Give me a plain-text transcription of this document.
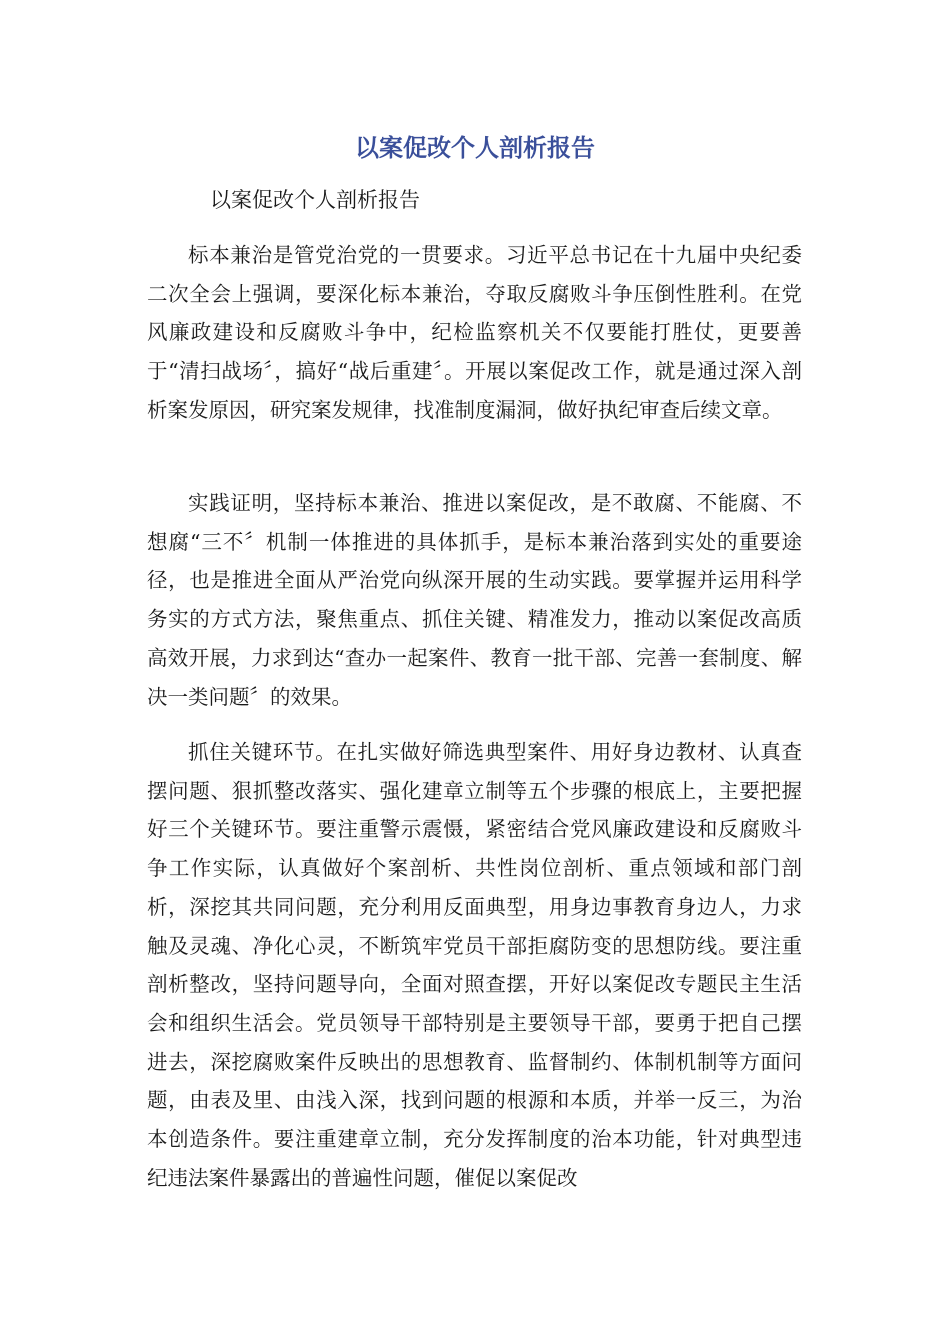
以案促改个人剖析报告

以案促改个人剖析报告

标本兼治是管党治党的一贯要求。习近平总书记在十九届中央纪委二次全会上强调，要深化标本兼治，夺取反腐败斗争压倒性胜利。在党风廉政建设和反腐败斗争中，纪检监察机关不仅要能打胜仗，更要善于“清扫战场〞，搞好“战后重建〞。开展以案促改工作，就是通过深入剖析案发原因，研究案发规律，找准制度漏洞，做好执纪审查后续文章。

实践证明，坚持标本兼治、推进以案促改，是不敢腐、不能腐、不想腐“三不〞机制一体推进的具体抓手，是标本兼治落到实处的重要途径，也是推进全面从严治党向纵深开展的生动实践。要掌握并运用科学务实的方式方法，聚焦重点、抓住关键、精准发力，推动以案促改高质高效开展，力求到达“查办一起案件、教育一批干部、完善一套制度、解决一类问题〞的效果。

抓住关键环节。在扎实做好筛选典型案件、用好身边教材、认真查摆问题、狠抓整改落实、强化建章立制等五个步骤的根底上，主要把握好三个关键环节。要注重警示震慑，紧密结合党风廉政建设和反腐败斗争工作实际，认真做好个案剖析、共性岗位剖析、重点领域和部门剖析，深挖其共同问题，充分利用反面典型，用身边事教育身边人，力求触及灵魂、净化心灵，不断筑牢党员干部拒腐防变的思想防线。要注重剖析整改，坚持问题导向，全面对照查摆，开好以案促改专题民主生活会和组织生活会。党员领导干部特别是主要领导干部，要勇于把自己摆进去，深挖腐败案件反映出的思想教育、监督制约、体制机制等方面问题，由表及里、由浅入深，找到问题的根源和本质，并举一反三，为治本创造条件。要注重建章立制，充分发挥制度的治本功能，针对典型违纪违法案件暴露出的普遍性问题，催促以案促改
